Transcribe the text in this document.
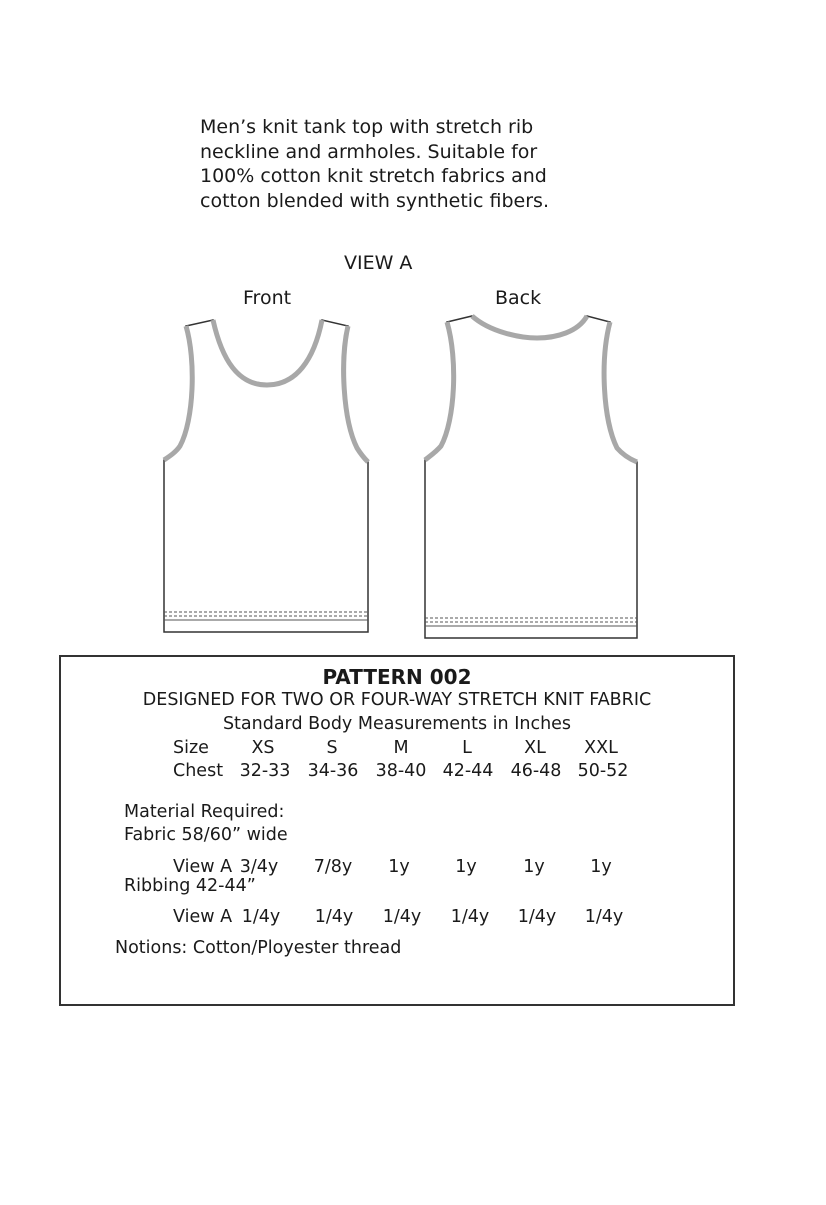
Men’s knit tank top with stretch rib
neckline and armholes. Suitable for
100% cotton knit stretch fabrics and
cotton blended with synthetic fibers.
VIEW A
Front	Back
PATTERN 002
DESIGNED FOR TWO OR FOUR-WAY STRETCH KNIT FABRIC
Standard Body Measurements in Inches
Size XS	S	M	L	XL XXL
Chest 32-33 34-36 38-40 42-44 46-48 50-52
Material Required:
Fabric 58/60” wide
View A 3/4y 7/8y 1y	1y	1y	1y
Ribbing 42-44”
View A 1/4y 1/4y 1/4y 1/4y 1/4y 1/4y
Notions: Cotton/Ployester thread
